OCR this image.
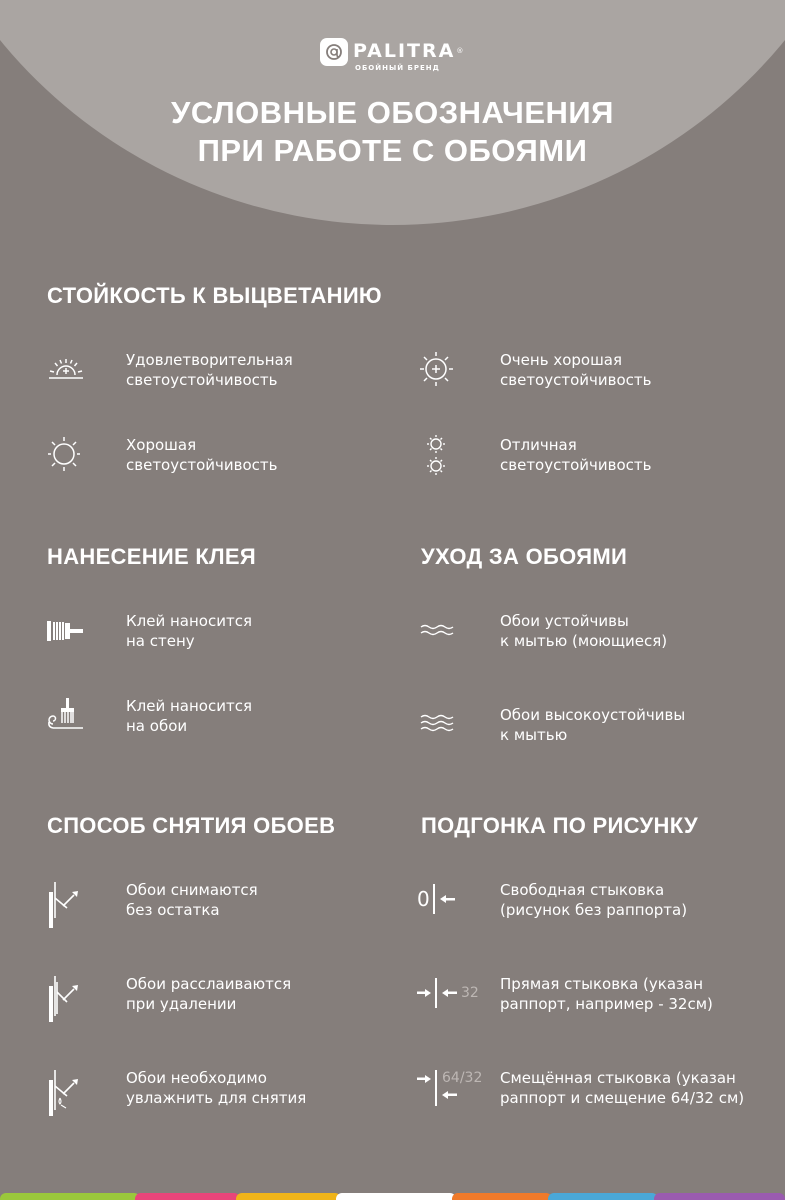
PALITRA®
ОБОЙНЫЙ БРЕНД
УСЛОВНЫЕ ОБОЗНАЧЕНИЯ
ПРИ РАБОТЕ С ОБОЯМИ
СТОЙКОСТЬ К ВЫЦВЕТАНИЮ
Удовлетворительная
светоустойчивость
Очень хорошая
светоустойчивость
Хорошая
светоустойчивость
Отличная
светоустойчивость
НАНЕСЕНИЕ КЛЕЯ
Клей наносится
на стену
Клей наносится
на обои
УХОД ЗА ОБОЯМИ
Обои устойчивы
к мытью (моющиеся)
Обои высокоустойчивы
к мытью
СПОСОБ СНЯТИЯ ОБОЕВ
Обои снимаются
без остатка
Обои расслаиваются
при удалении
Обои необходимо
увлажнить для снятия
ПОДГОНКА ПО РИСУНКУ
0	Свободная стыковка
(рисунок без раппорта)
32 Прямая стыковка (указан
раппорт, например - 32см)
64/32 Смещённая стыковка (указан
раппорт и смещение 64/32 см)
